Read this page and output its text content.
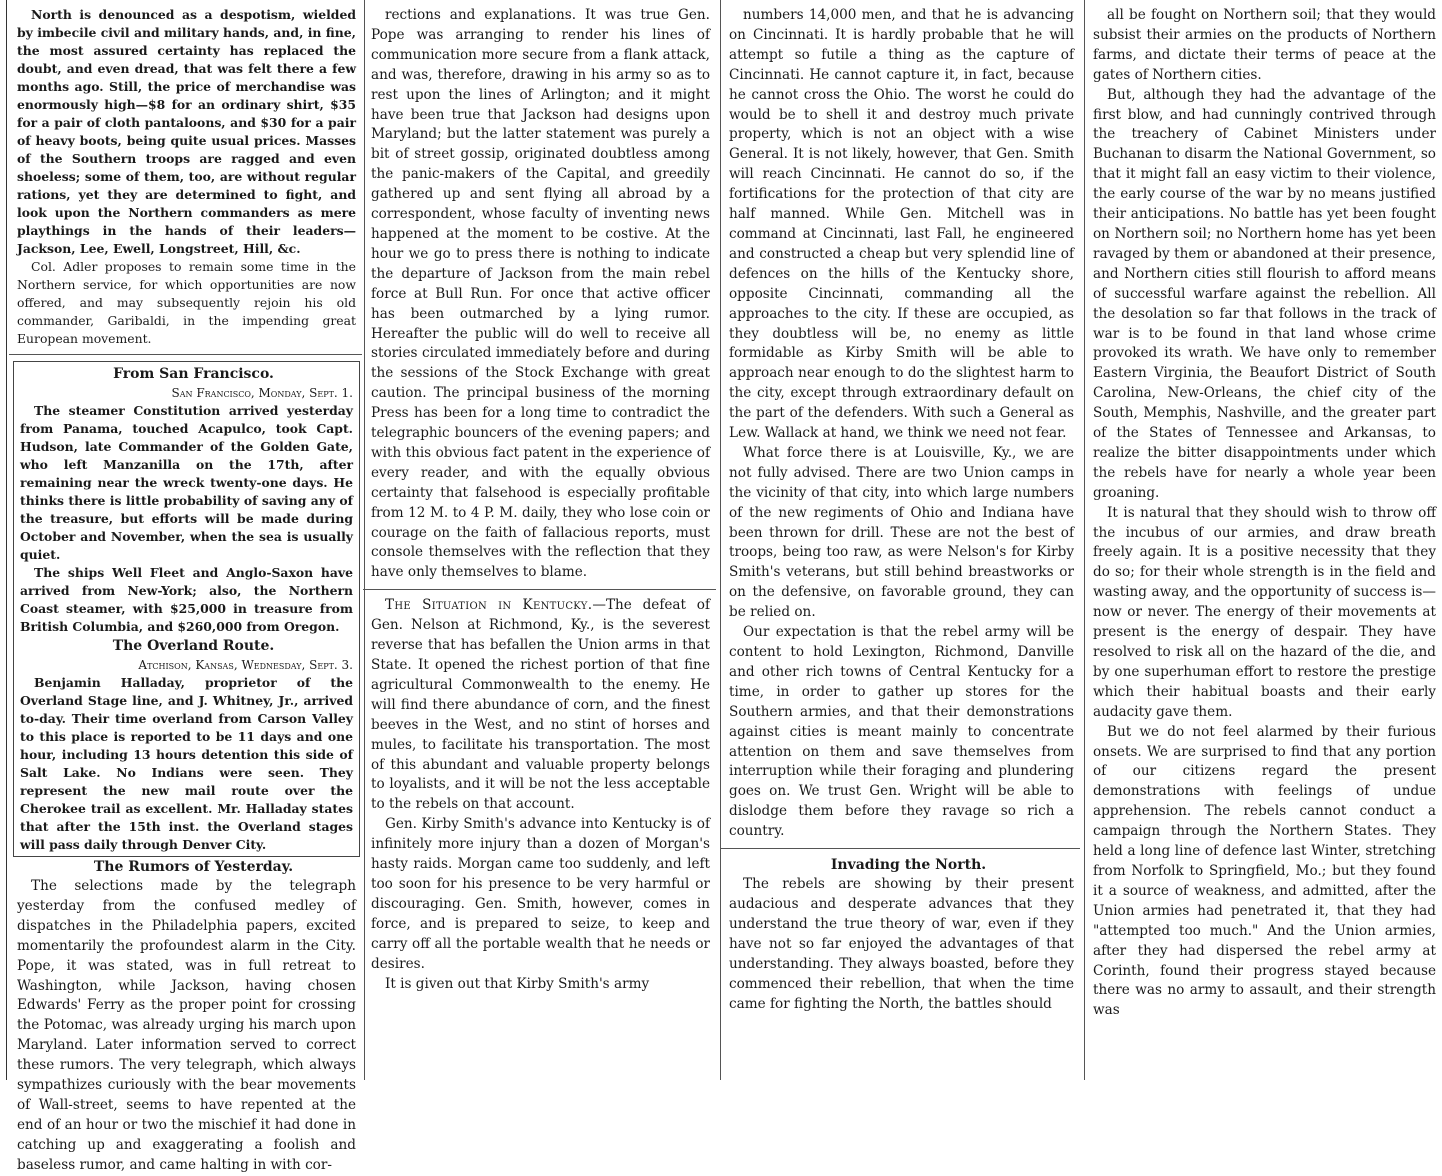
North is denounced as a despotism, wielded by imbecile civil and military hands, and, in fine, the most assured certainty has replaced the doubt, and even dread, that was felt there a few months ago. Still, the price of merchandise was enormously high—$8 for an ordinary shirt, $35 for a pair of cloth pantaloons, and $30 for a pair of heavy boots, being quite usual prices. Masses of the Southern troops are ragged and even shoeless; some of them, too, are without regular rations, yet they are determined to fight, and look upon the Northern commanders as mere playthings in the hands of their leaders—Jackson, Lee, Ewell, Longstreet, Hill, &c.

Col. Adler proposes to remain some time in the Northern service, for which opportunities are now offered, and may subsequently rejoin his old commander, Garibaldi, in the impending great European movement.

From San Francisco.

San Francisco, Monday, Sept. 1.

The steamer Constitution arrived yesterday from Panama, touched Acapulco, took Capt. Hudson, late Commander of the Golden Gate, who left Manzanilla on the 17th, after remaining near the wreck twenty-one days. He thinks there is little probability of saving any of the treasure, but efforts will be made during October and November, when the sea is usually quiet.

The ships Well Fleet and Anglo-Saxon have arrived from New-York; also, the Northern Coast steamer, with $25,000 in treasure from British Columbia, and $260,000 from Oregon.

The Overland Route.

Atchison, Kansas, Wednesday, Sept. 3.

Benjamin Halladay, proprietor of the Overland Stage line, and J. Whitney, Jr., arrived to-day. Their time overland from Carson Valley to this place is reported to be 11 days and one hour, including 13 hours detention this side of Salt Lake. No Indians were seen. They represent the new mail route over the Cherokee trail as excellent. Mr. Halladay states that after the 15th inst. the Overland stages will pass daily through Denver City.

The Rumors of Yesterday.

The selections made by the telegraph yesterday from the confused medley of dispatches in the Philadelphia papers, excited momentarily the profoundest alarm in the City. Pope, it was stated, was in full retreat to Washington, while Jackson, having chosen Edwards' Ferry as the proper point for crossing the Potomac, was already urging his march upon Maryland. Later information served to correct these rumors. The very telegraph, which always sympathizes curiously with the bear movements of Wall-street, seems to have repented at the end of an hour or two the mischief it had done in catching up and exaggerating a foolish and baseless rumor, and came halting in with cor-

rections and explanations. It was true Gen. Pope was arranging to render his lines of communication more secure from a flank attack, and was, therefore, drawing in his army so as to rest upon the lines of Arlington; and it might have been true that Jackson had designs upon Maryland; but the latter statement was purely a bit of street gossip, originated doubtless among the panic-makers of the Capital, and greedily gathered up and sent flying all abroad by a correspondent, whose faculty of inventing news happened at the moment to be costive. At the hour we go to press there is nothing to indicate the departure of Jackson from the main rebel force at Bull Run. For once that active officer has been outmarched by a lying rumor. Hereafter the public will do well to receive all stories circulated immediately before and during the sessions of the Stock Exchange with great caution. The principal business of the morning Press has been for a long time to contradict the telegraphic bouncers of the evening papers; and with this obvious fact patent in the experience of every reader, and with the equally obvious certainty that falsehood is especially profitable from 12 M. to 4 P. M. daily, they who lose coin or courage on the faith of fallacious reports, must console themselves with the reflection that they have only themselves to blame.

The Situation in Kentucky.—The defeat of Gen. Nelson at Richmond, Ky., is the severest reverse that has befallen the Union arms in that State. It opened the richest portion of that fine agricultural Commonwealth to the enemy. He will find there abundance of corn, and the finest beeves in the West, and no stint of horses and mules, to facilitate his transportation. The most of this abundant and valuable property belongs to loyalists, and it will be not the less acceptable to the rebels on that account.

Gen. Kirby Smith's advance into Kentucky is of infinitely more injury than a dozen of Morgan's hasty raids. Morgan came too suddenly, and left too soon for his presence to be very harmful or discouraging. Gen. Smith, however, comes in force, and is prepared to seize, to keep and carry off all the portable wealth that he needs or desires.

It is given out that Kirby Smith's army

numbers 14,000 men, and that he is advancing on Cincinnati. It is hardly probable that he will attempt so futile a thing as the capture of Cincinnati. He cannot capture it, in fact, because he cannot cross the Ohio. The worst he could do would be to shell it and destroy much private property, which is not an object with a wise General. It is not likely, however, that Gen. Smith will reach Cincinnati. He cannot do so, if the fortifications for the protection of that city are half manned. While Gen. Mitchell was in command at Cincinnati, last Fall, he engineered and constructed a cheap but very splendid line of defences on the hills of the Kentucky shore, opposite Cincinnati, commanding all the approaches to the city. If these are occupied, as they doubtless will be, no enemy as little formidable as Kirby Smith will be able to approach near enough to do the slightest harm to the city, except through extraordinary default on the part of the defenders. With such a General as Lew. Wallack at hand, we think we need not fear.

What force there is at Louisville, Ky., we are not fully advised. There are two Union camps in the vicinity of that city, into which large numbers of the new regiments of Ohio and Indiana have been thrown for drill. These are not the best of troops, being too raw, as were Nelson's for Kirby Smith's veterans, but still behind breastworks or on the defensive, on favorable ground, they can be relied on.

Our expectation is that the rebel army will be content to hold Lexington, Richmond, Danville and other rich towns of Central Kentucky for a time, in order to gather up stores for the Southern armies, and that their demonstrations against cities is meant mainly to concentrate attention on them and save themselves from interruption while their foraging and plundering goes on. We trust Gen. Wright will be able to dislodge them before they ravage so rich a country.

Invading the North.

The rebels are showing by their present audacious and desperate advances that they understand the true theory of war, even if they have not so far enjoyed the advantages of that understanding. They always boasted, before they commenced their rebellion, that when the time came for fighting the North, the battles should

all be fought on Northern soil; that they would subsist their armies on the products of Northern farms, and dictate their terms of peace at the gates of Northern cities.

But, although they had the advantage of the first blow, and had cunningly contrived through the treachery of Cabinet Ministers under Buchanan to disarm the National Government, so that it might fall an easy victim to their violence, the early course of the war by no means justified their anticipations. No battle has yet been fought on Northern soil; no Northern home has yet been ravaged by them or abandoned at their presence, and Northern cities still flourish to afford means of successful warfare against the rebellion. All the desolation so far that follows in the track of war is to be found in that land whose crime provoked its wrath. We have only to remember Eastern Virginia, the Beaufort District of South Carolina, New-Orleans, the chief city of the South, Memphis, Nashville, and the greater part of the States of Tennessee and Arkansas, to realize the bitter disappointments under which the rebels have for nearly a whole year been groaning.

It is natural that they should wish to throw off the incubus of our armies, and draw breath freely again. It is a positive necessity that they do so; for their whole strength is in the field and wasting away, and the opportunity of success is—now or never. The energy of their movements at present is the energy of despair. They have resolved to risk all on the hazard of the die, and by one superhuman effort to restore the prestige which their habitual boasts and their early audacity gave them.

But we do not feel alarmed by their furious onsets. We are surprised to find that any portion of our citizens regard the present demonstrations with feelings of undue apprehension. The rebels cannot conduct a campaign through the Northern States. They held a long line of defence last Winter, stretching from Norfolk to Springfield, Mo.; but they found it a source of weakness, and admitted, after the Union armies had penetrated it, that they had "attempted too much." And the Union armies, after they had dispersed the rebel army at Corinth, found their progress stayed because there was no army to assault, and their strength was
